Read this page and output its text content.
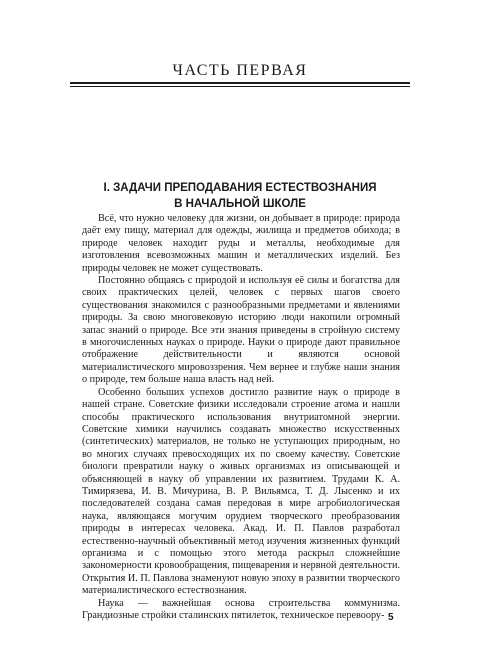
ЧАСТЬ ПЕРВАЯ
I. ЗАДАЧИ ПРЕПОДАВАНИЯ ЕСТЕСТВОЗНАНИЯ
В НАЧАЛЬНОЙ ШКОЛЕ

Всё, что нужно человеку для жизни, он добывает в природе: природа даёт ему пищу, материал для одежды, жилища и предметов обихода; в природе человек находит руды и металлы, необходимые для изготовления всевозможных машин и металлических изделий. Без природы человек не может существовать.

Постоянно общаясь с природой и используя её силы и богатства для своих практических целей, человек с первых шагов своего существования знакомился с разнообразными предметами и явлениями природы. За свою многовековую историю люди накопили огромный запас знаний о природе. Все эти знания приведены в стройную систему в многочисленных науках о природе. Науки о природе дают правильное отображение действительности и являются основой материалистического мировоззрения. Чем вернее и глубже наши знания о природе, тем больше наша власть над ней.

Особенно больших успехов достигло развитие наук о природе в нашей стране. Советские физики исследовали строение атома и нашли способы практического использования внутриатомной энергии. Советские химики научились создавать множество искусственных (синтетических) материалов, не только не уступающих природным, но во многих случаях превосходящих их по своему качеству. Советские биологи превратили науку о живых организмах из описывающей и объясняющей в науку об управлении их развитием. Трудами К. А. Тимирязева, И. В. Мичурина, В. Р. Вильямса, Т. Д. Лысенко и их последователей создана самая передовая в мире агробиологическая наука, являющаяся могучим орудием творческого преобразования природы в интересах человека. Акад. И. П. Павлов разработал естественно-научный объективный метод изучения жизненных функций организма и с помощью этого метода раскрыл сложнейшие закономерности кровообращения, пищеварения и нервной деятельности. Открытия И. П. Павлова знаменуют новую эпоху в развитии творческого материалистического естествознания.

Наука — важнейшая основа строительства коммунизма. Грандиозные стройки сталинских пятилеток, техническое перевоору- 5
